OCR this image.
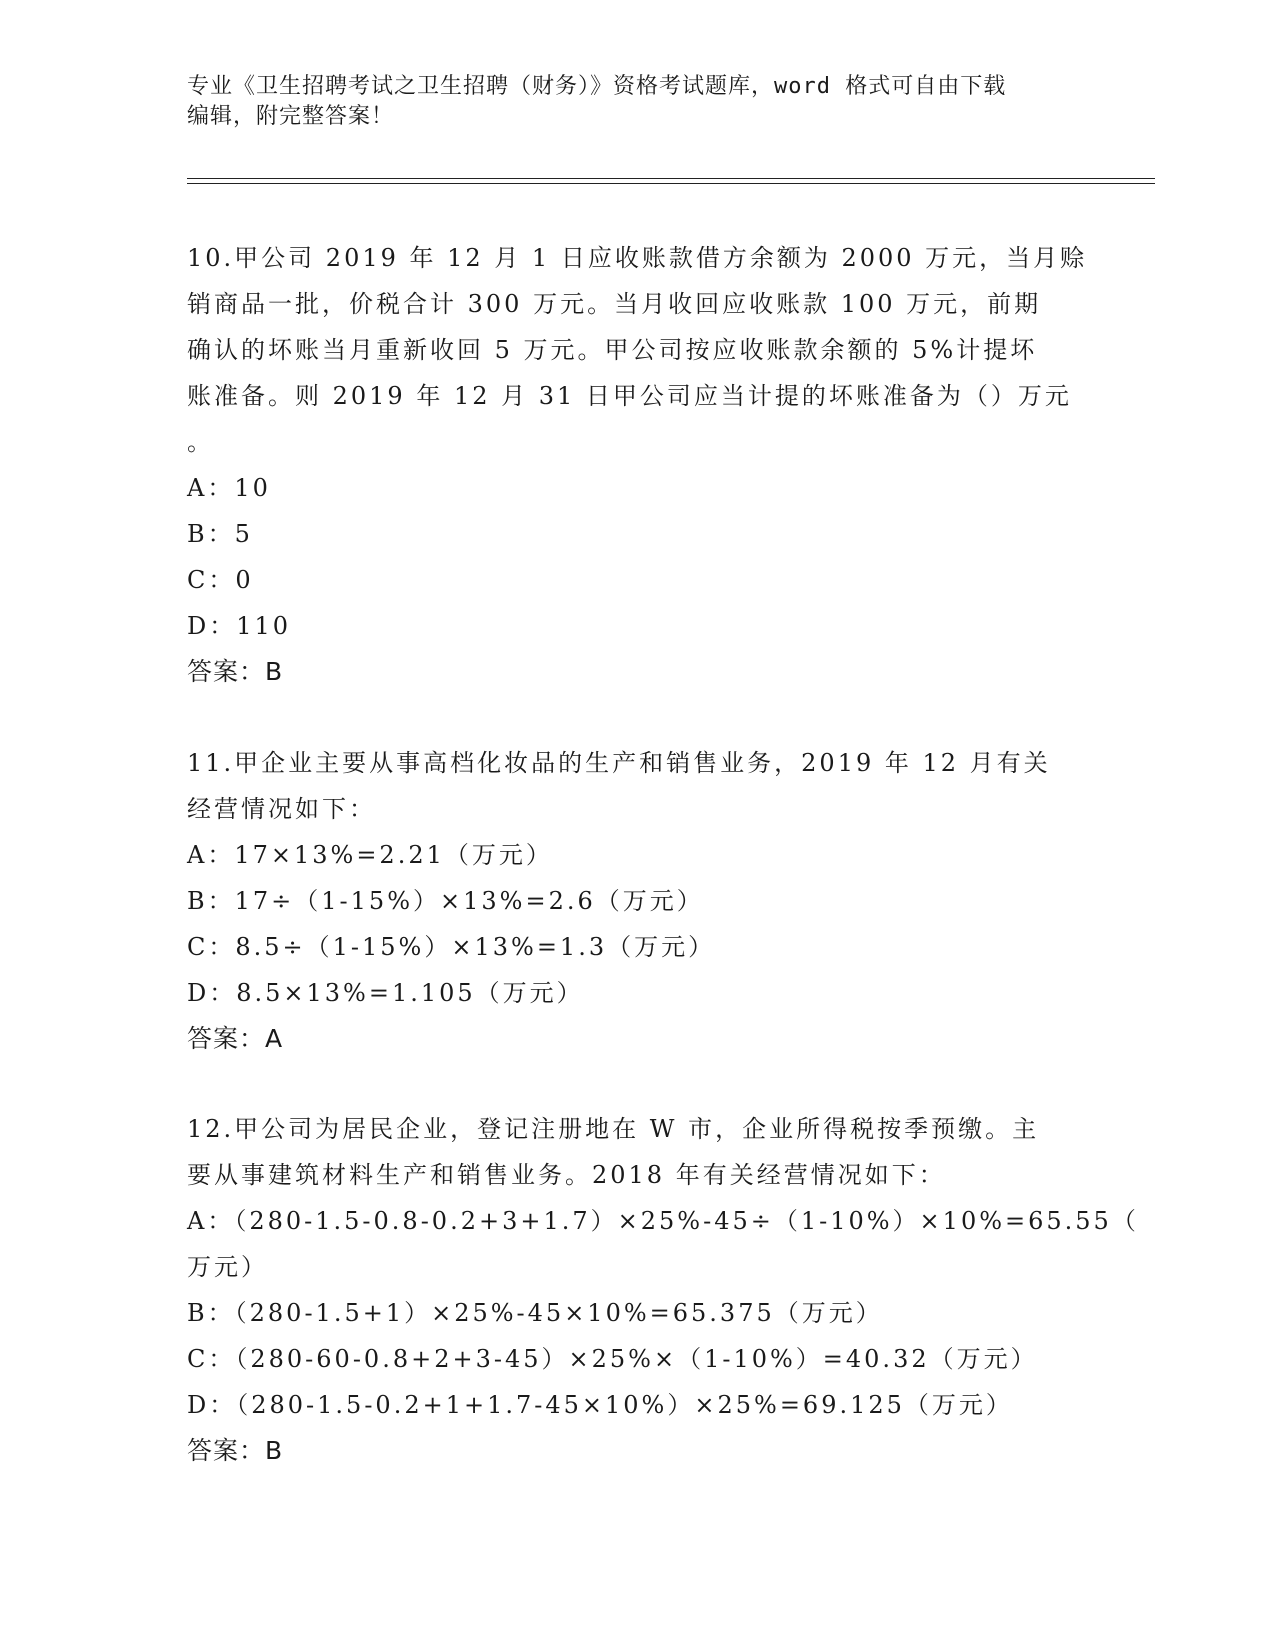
专业《卫生招聘考试之卫生招聘（财务）》资格考试题库，word 格式可自由下载
编辑，附完整答案！
10.甲公司 2019 年 12 月 1 日应收账款借方余额为 2000 万元，当月赊
销商品一批，价税合计 300 万元。当月收回应收账款 100 万元，前期
确认的坏账当月重新收回 5 万元。甲公司按应收账款余额的 5%计提坏
账准备。则 2019 年 12 月 31 日甲公司应当计提的坏账准备为（）万元
。
A：10
B：5
C：0
D：110
答案：B
11.甲企业主要从事高档化妆品的生产和销售业务，2019 年 12 月有关
经营情况如下：
A：17×13%=2.21（万元）
B：17÷（1-15%）×13%=2.6（万元）
C：8.5÷（1-15%）×13%=1.3（万元）
D：8.5×13%=1.105（万元）
答案：A
12.甲公司为居民企业，登记注册地在 W 市，企业所得税按季预缴。主
要从事建筑材料生产和销售业务。2018 年有关经营情况如下：
A：（280-1.5-0.8-0.2+3+1.7）×25%-45÷（1-10%）×10%=65.55（
万元）
B：（280-1.5+1）×25%-45×10%=65.375（万元）
C：（280-60-0.8+2+3-45）×25%×（1-10%）=40.32（万元）
D：（280-1.5-0.2+1+1.7-45×10%）×25%=69.125（万元）
答案：B
